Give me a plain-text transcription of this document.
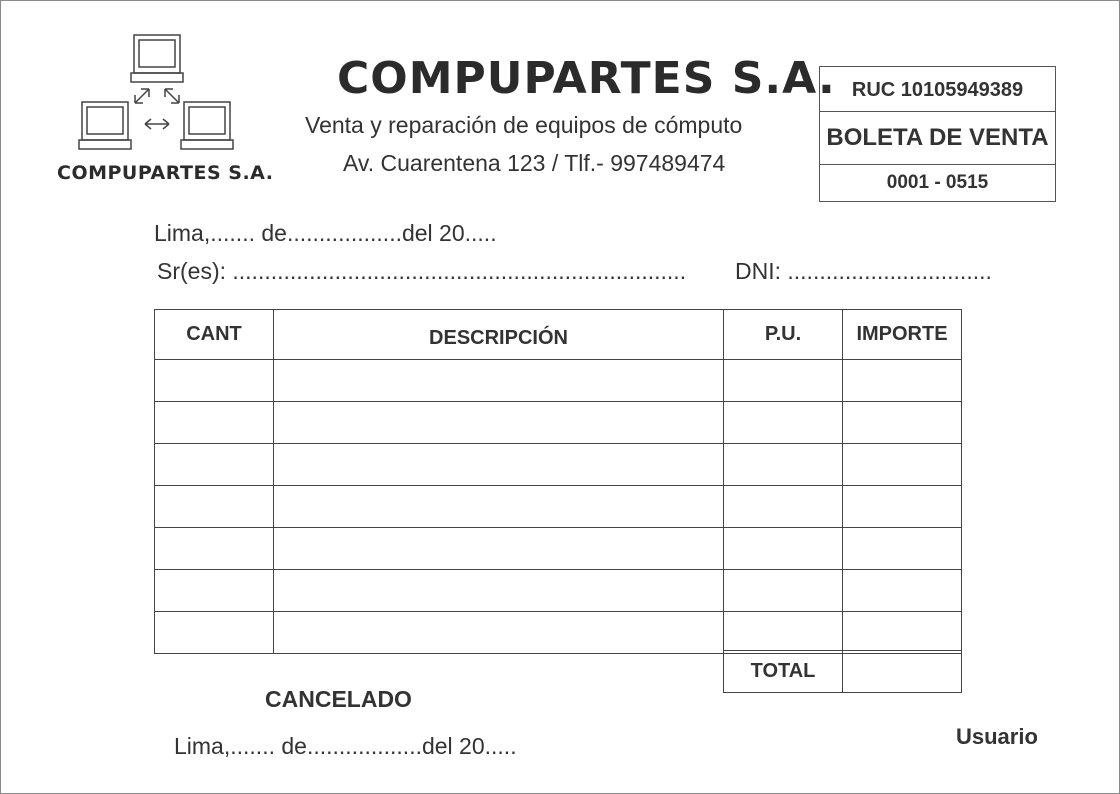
COMPUPARTES S.A.
COMPUPARTES S.A.
Venta y reparación de equipos de cómputo
Av. Cuarentena 123 / Tlf.- 997489474
RUC 10105949389
BOLETA DE VENTA
0001 - 0515
Lima,....... de..................del 20.....
Sr(es): ....................................................................... DNI: ................................
CANT	DESCRIPCIÓN	P.U.	IMPORTE

TOTAL	
CANCELADO
Lima,....... de..................del 20.....	Usuario
